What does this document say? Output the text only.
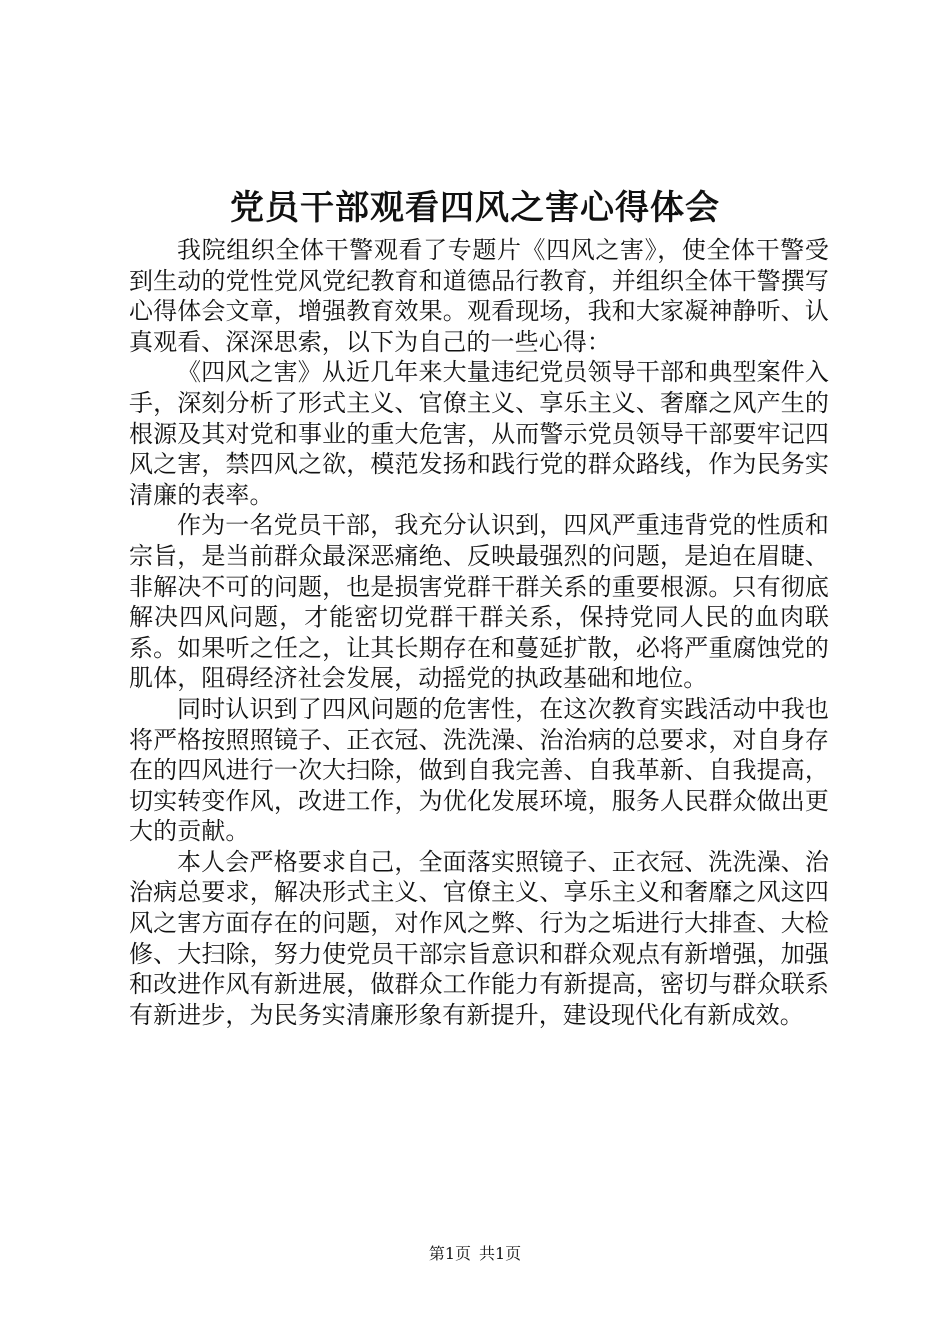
党员干部观看四风之害心得体会

我院组织全体干警观看了专题片《四风之害》，使全体干警受到生动的党性党风党纪教育和道德品行教育，并组织全体干警撰写心得体会文章，增强教育效果。观看现场，我和大家凝神静听、认真观看、深深思索，以下为自己的一些心得：

《四风之害》从近几年来大量违纪党员领导干部和典型案件入手，深刻分析了形式主义、官僚主义、享乐主义、奢靡之风产生的根源及其对党和事业的重大危害，从而警示党员领导干部要牢记四风之害，禁四风之欲，模范发扬和践行党的群众路线，作为民务实清廉的表率。

作为一名党员干部，我充分认识到，四风严重违背党的性质和宗旨，是当前群众最深恶痛绝、反映最强烈的问题，是迫在眉睫、非解决不可的问题，也是损害党群干群关系的重要根源。只有彻底解决四风问题，才能密切党群干群关系，保持党同人民的血肉联系。如果听之任之，让其长期存在和蔓延扩散，必将严重腐蚀党的肌体，阻碍经济社会发展，动摇党的执政基础和地位。

同时认识到了四风问题的危害性，在这次教育实践活动中我也将严格按照照镜子、正衣冠、洗洗澡、治治病的总要求，对自身存在的四风进行一次大扫除，做到自我完善、自我革新、自我提高，切实转变作风，改进工作，为优化发展环境，服务人民群众做出更大的贡献。

本人会严格要求自己，全面落实照镜子、正衣冠、洗洗澡、治治病总要求，解决形式主义、官僚主义、享乐主义和奢靡之风这四风之害方面存在的问题，对作风之弊、行为之垢进行大排查、大检修、大扫除，努力使党员干部宗旨意识和群众观点有新增强，加强和改进作风有新进展，做群众工作能力有新提高，密切与群众联系有新进步，为民务实清廉形象有新提升，建设现代化有新成效。

第1页 共1页
